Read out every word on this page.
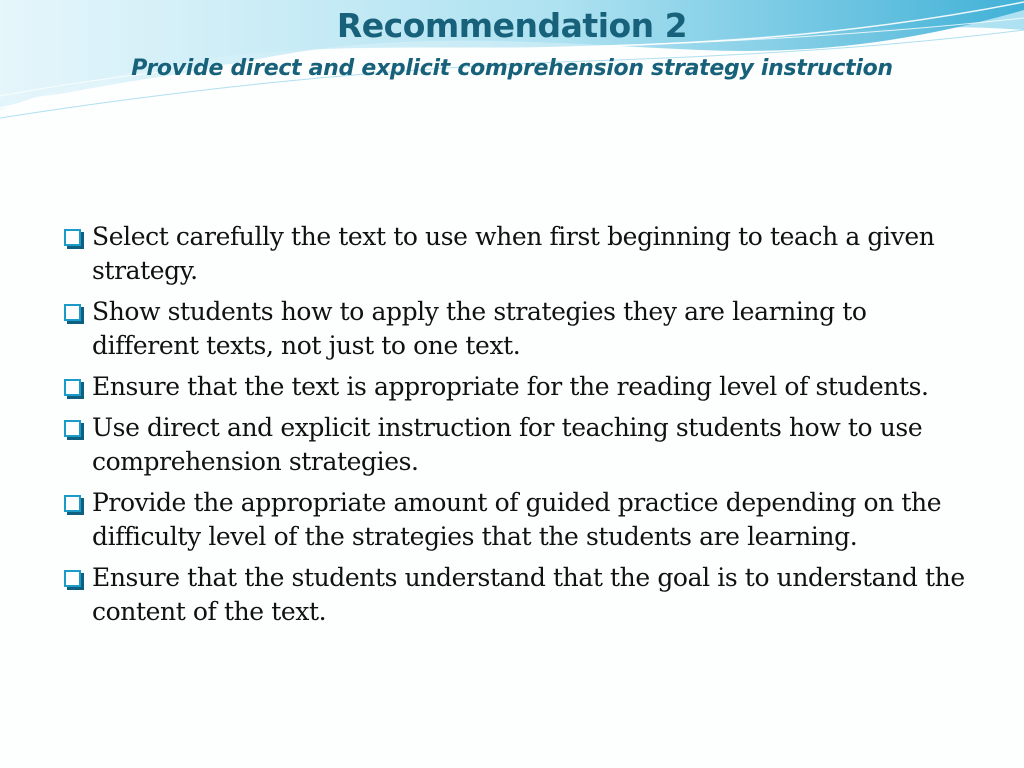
Recommendation 2
Provide direct and explicit comprehension strategy instruction
Select carefully the text to use when first beginning to teach a given strategy.
Show students how to apply the strategies they are learning to different texts, not just to one text.
Ensure that the text is appropriate for the reading level of students.
Use direct and explicit instruction for teaching students how to use comprehension strategies.
Provide the appropriate amount of guided practice depending on the difficulty level of the strategies that the students are learning.
Ensure that the students understand that the goal is to understand the content of the text.
